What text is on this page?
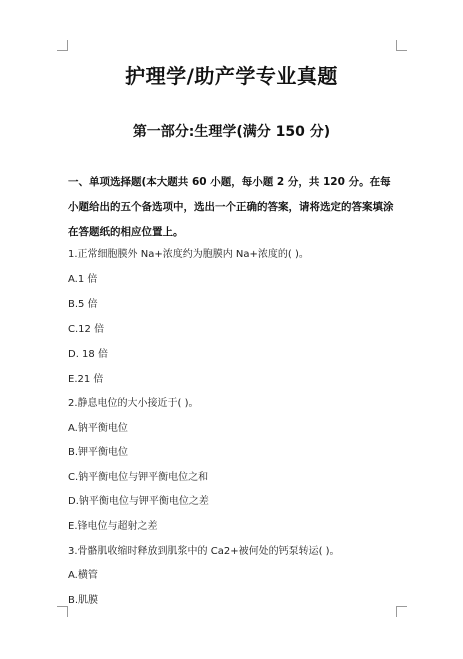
护理学/助产学专业真题
第一部分:生理学(满分 150 分)
一、单项选择题(本大题共 60 小题，每小题 2 分，共 120 分。在每小题给出的五个备选项中，选出一个正确的答案，请将选定的答案填涂在答题纸的相应位置上。
1.正常细胞膜外 Na+浓度约为胞膜内 Na+浓度的( )。
A.1 倍
B.5 倍
C.12 倍
D. 18 倍
E.21 倍
2.静息电位的大小接近于( )。
A.钠平衡电位
B.钾平衡电位
C.钠平衡电位与钾平衡电位之和
D.钠平衡电位与钾平衡电位之差
E.锋电位与超射之差
3.骨骼肌收缩时释放到肌浆中的 Ca2+被何处的钙泵转运( )。
A.横管
B.肌膜
